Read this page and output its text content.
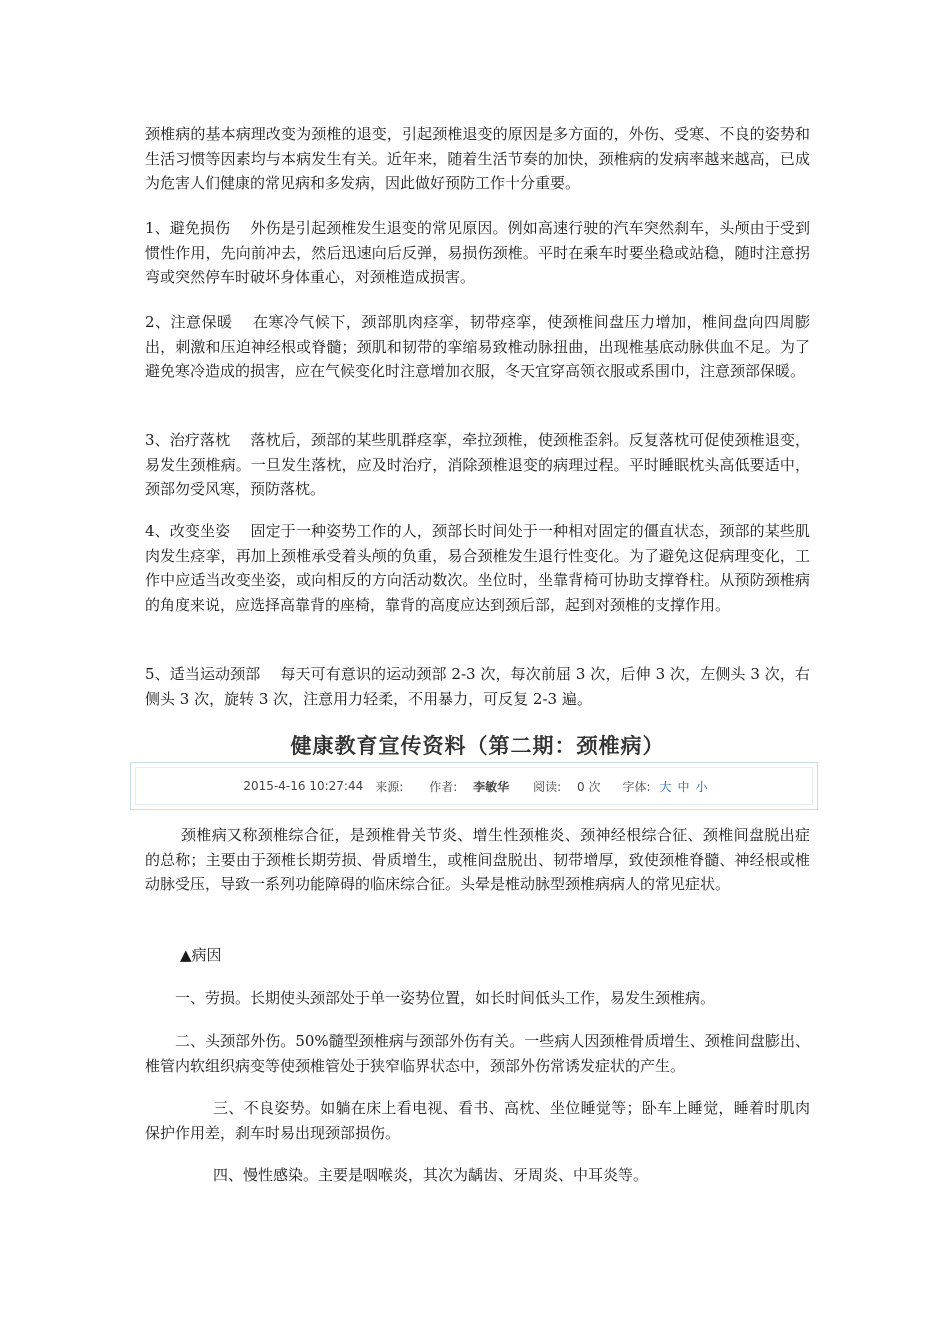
颈椎病的基本病理改变为颈椎的退变，引起颈椎退变的原因是多方面的，外伤、受寒、不良的姿势和生活习惯等因素均与本病发生有关。近年来，随着生活节奏的加快，颈椎病的发病率越来越高，已成为危害人们健康的常见病和多发病，因此做好预防工作十分重要。

1、避免损伤 外伤是引起颈椎发生退变的常见原因。例如高速行驶的汽车突然刹车，头颅由于受到惯性作用，先向前冲去，然后迅速向后反弹，易损伤颈椎。平时在乘车时要坐稳或站稳，随时注意拐弯或突然停车时破坏身体重心，对颈椎造成损害。

2、注意保暖 在寒冷气候下，颈部肌肉痉挛，韧带痉挛，使颈椎间盘压力增加，椎间盘向四周膨出，刺激和压迫神经根或脊髓；颈肌和韧带的挛缩易致椎动脉扭曲，出现椎基底动脉供血不足。为了避免寒冷造成的损害，应在气候变化时注意增加衣服，冬天宜穿高领衣服或系围巾，注意颈部保暖。

3、治疗落枕 落枕后，颈部的某些肌群痉挛，牵拉颈椎，使颈椎歪斜。反复落枕可促使颈椎退变，易发生颈椎病。一旦发生落枕，应及时治疗，消除颈椎退变的病理过程。平时睡眠枕头高低要适中，颈部勿受风寒，预防落枕。

4、改变坐姿 固定于一种姿势工作的人，颈部长时间处于一种相对固定的僵直状态，颈部的某些肌肉发生痉挛，再加上颈椎承受着头颅的负重，易合颈椎发生退行性变化。为了避免这促病理变化，工作中应适当改变坐姿，或向相反的方向活动数次。坐位时，坐靠背椅可协助支撑脊柱。从预防颈椎病的角度来说，应选择高靠背的座椅，靠背的高度应达到颈后部，起到对颈椎的支撑作用。

5、适当运动颈部 每天可有意识的运动颈部 2-3 次，每次前屈 3 次，后伸 3 次，左侧头 3 次，右侧头 3 次，旋转 3 次，注意用力轻柔，不用暴力，可反复 2-3 遍。

健康教育宣传资料（第二期：颈椎病）
2015-4-16 10:27:44 来源:	作者: 李敏华	阅读: 0 次	字体: 大 中 小

颈椎病又称颈椎综合征，是颈椎骨关节炎、增生性颈椎炎、颈神经根综合征、颈椎间盘脱出症的总称；主要由于颈椎长期劳损、骨质增生，或椎间盘脱出、韧带增厚，致使颈椎脊髓、神经根或椎动脉受压，导致一系列功能障碍的临床综合征。头晕是椎动脉型颈椎病病人的常见症状。

▲病因

一、劳损。长期使头颈部处于单一姿势位置，如长时间低头工作，易发生颈椎病。

二、头颈部外伤。50%髓型颈椎病与颈部外伤有关。一些病人因颈椎骨质增生、颈椎间盘膨出、椎管内软组织病变等使颈椎管处于狭窄临界状态中，颈部外伤常诱发症状的产生。

三、不良姿势。如躺在床上看电视、看书、高枕、坐位睡觉等；卧车上睡觉，睡着时肌肉保护作用差，刹车时易出现颈部损伤。

四、慢性感染。主要是咽喉炎，其次为龋齿、牙周炎、中耳炎等。
